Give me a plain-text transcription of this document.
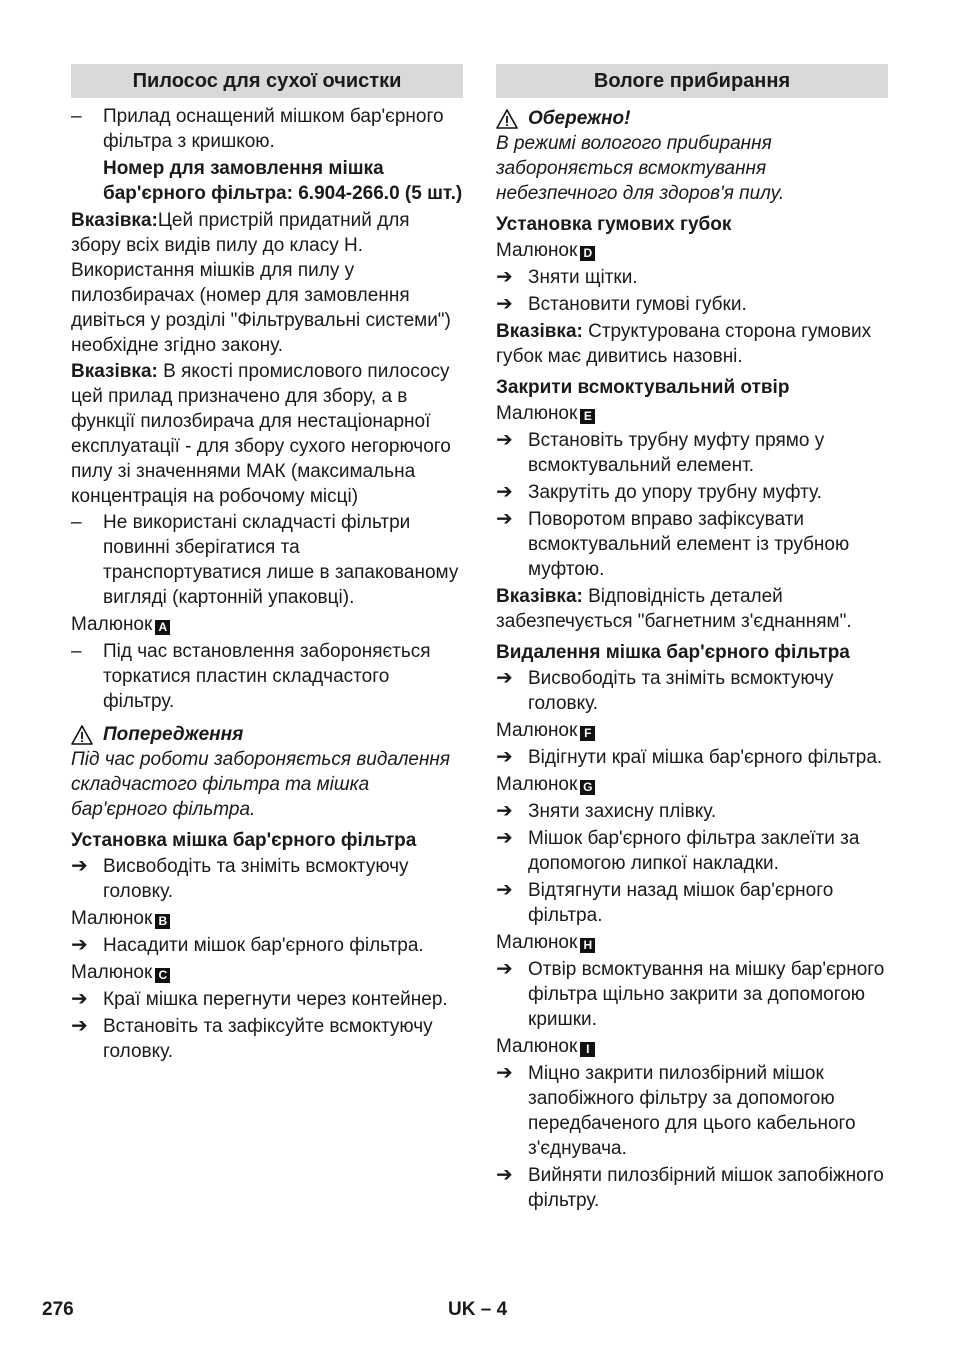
Пилосос для сухої очистки
–	Прилад оснащений мішком бар'єрного фільтра з кришкою.
Номер для замовлення мішка бар'єрного фільтра: 6.904-266.0 (5 шт.)

Вказівка:Цей пристрій придатний для збору всіх видів пилу до класу H. Використання мішків для пилу у пилозбирачах (номер для замовлення дивіться у розділі "Фільтрувальні системи") необхідне згідно закону.

Вказівка: В якості промислового пилососу цей прилад призначено для збору, а в функції пилозбирача для нестаціонарної експлуатації - для збору сухого негорючого пилу зі значеннями МАК (максимальна концентрація на робочому місці)

–	Не використані складчасті фільтри повинні зберігатися та транспортуватися лише в запакованому вигляді (картонній упаковці).
Малюнок A
–	Під час встановлення забороняється торкатися пластин складчастого фільтру.
Попередження

Під час роботи забороняється видалення складчастого фільтра та мішка бар'єрного фільтра.

Установка мішка бар'єрного фільтра
➔ Висвободіть та зніміть всмоктуючу головку.
Малюнок B
➔ Насадити мішок бар'єрного фільтра.
Малюнок C
➔ Краї мішка перегнути через контейнер.
➔ Встановіть та зафіксуйте всмоктуючу головку.
Вологе прибирання
Обережно!

В режимі вологого прибирання забороняється всмоктування небезпечного для здоров'я пилу.

Установка гумових губок
Малюнок D
➔ Зняти щітки.
➔ Встановити гумові губки.

Вказівка: Структурована сторона гумових губок має дивитись назовні.

Закрити всмоктувальний отвір
Малюнок E
➔ Встановіть трубну муфту прямо у всмоктувальний елемент.
➔ Закрутіть до упору трубну муфту.
➔ Поворотом вправо зафіксувати всмоктувальний елемент із трубною муфтою.

Вказівка: Відповідність деталей забезпечується "багнетним з'єднанням".

Видалення мішка бар'єрного фільтра
➔ Висвободіть та зніміть всмоктуючу головку.
Малюнок F
➔ Відігнути краї мішка бар'єрного фільтра.
Малюнок G
➔ Зняти захисну плівку.
➔ Мішок бар'єрного фільтра заклеїти за допомогою липкої накладки.
➔ Відтягнути назад мішок бар'єрного фільтра.
Малюнок H
➔ Отвір всмоктування на мішку бар'єрного фільтра щільно закрити за допомогою кришки.
Малюнок I
➔ Міцно закрити пилозбірний мішок запобіжного фільтру за допомогою передбаченого для цього кабельного з'єднувача.
➔ Вийняти пилозбірний мішок запобіжного фільтру.
276	UK – 4
